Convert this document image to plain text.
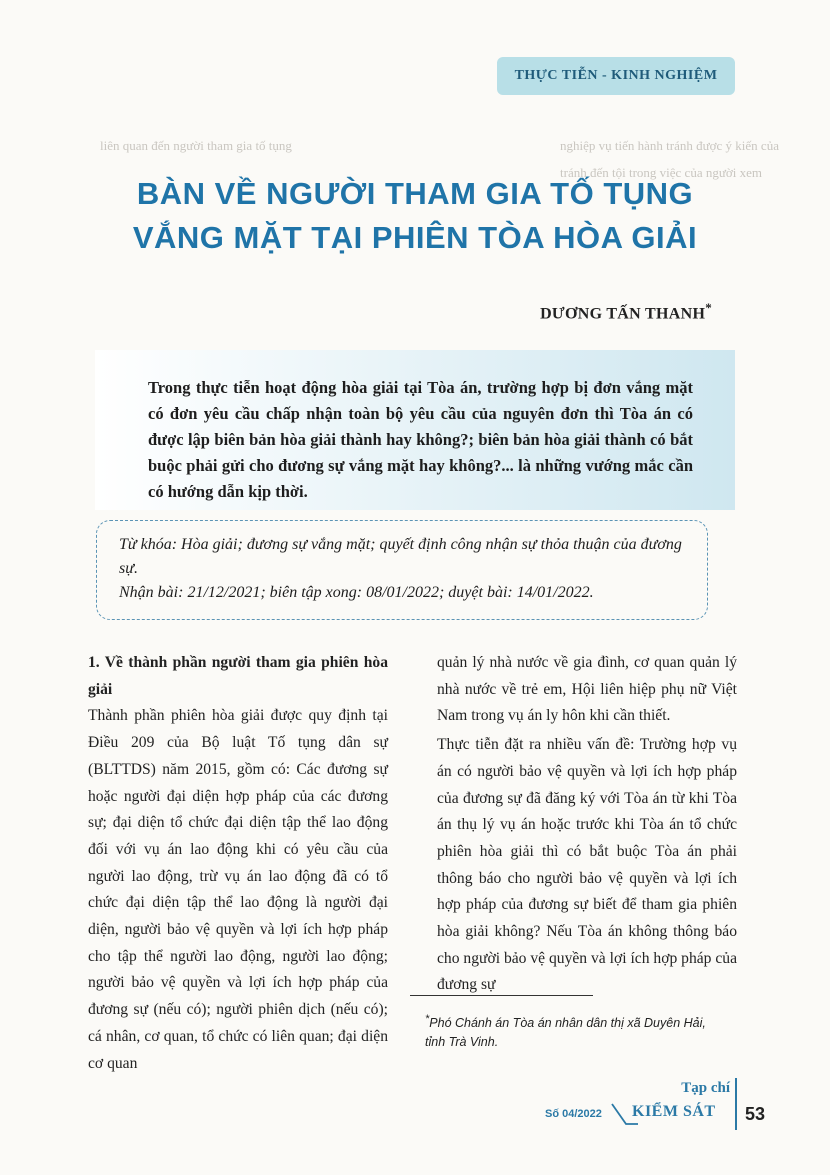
THỰC TIỄN - KINH NGHIỆM
nghiệp vụ tiến hành tránh được ý kiến của
tránh đến tội trong việc của người xem
liên quan đến người tham gia tố tụng
BÀN VỀ NGƯỜI THAM GIA TỐ TỤNG
VẮNG MẶT TẠI PHIÊN TÒA HÒA GIẢI
DƯƠNG TẤN THANH*
Trong thực tiễn hoạt động hòa giải tại Tòa án, trường hợp bị đơn vắng mặt có đơn yêu cầu chấp nhận toàn bộ yêu cầu của nguyên đơn thì Tòa án có được lập biên bản hòa giải thành hay không?; biên bản hòa giải thành có bắt buộc phải gửi cho đương sự vắng mặt hay không?... là những vướng mắc cần có hướng dẫn kịp thời.
Từ khóa: Hòa giải; đương sự vắng mặt; quyết định công nhận sự thỏa thuận của đương sự.
Nhận bài: 21/12/2021; biên tập xong: 08/01/2022; duyệt bài: 14/01/2022.

1. Về thành phần người tham gia phiên hòa giải

Thành phần phiên hòa giải được quy định tại Điều 209 của Bộ luật Tố tụng dân sự (BLTTDS) năm 2015, gồm có: Các đương sự hoặc người đại diện hợp pháp của các đương sự; đại diện tổ chức đại diện tập thể lao động đối với vụ án lao động khi có yêu cầu của người lao động, trừ vụ án lao động đã có tổ chức đại diện tập thể lao động là người đại diện, người bảo vệ quyền và lợi ích hợp pháp cho tập thể người lao động, người lao động; người bảo vệ quyền và lợi ích hợp pháp của đương sự (nếu có); người phiên dịch (nếu có); cá nhân, cơ quan, tổ chức có liên quan; đại diện cơ quan

quản lý nhà nước về gia đình, cơ quan quản lý nhà nước về trẻ em, Hội liên hiệp phụ nữ Việt Nam trong vụ án ly hôn khi cần thiết.

Thực tiễn đặt ra nhiều vấn đề: Trường hợp vụ án có người bảo vệ quyền và lợi ích hợp pháp của đương sự đã đăng ký với Tòa án từ khi Tòa án thụ lý vụ án hoặc trước khi Tòa án tổ chức phiên hòa giải thì có bắt buộc Tòa án phải thông báo cho người bảo vệ quyền và lợi ích hợp pháp của đương sự biết để tham gia phiên hòa giải không? Nếu Tòa án không thông báo cho người bảo vệ quyền và lợi ích hợp pháp của đương sự

*Phó Chánh án Tòa án nhân dân thị xã Duyên Hải, tỉnh Trà Vinh.
Tạp chí
Số 04/2022 KIỂM SÁT 53
